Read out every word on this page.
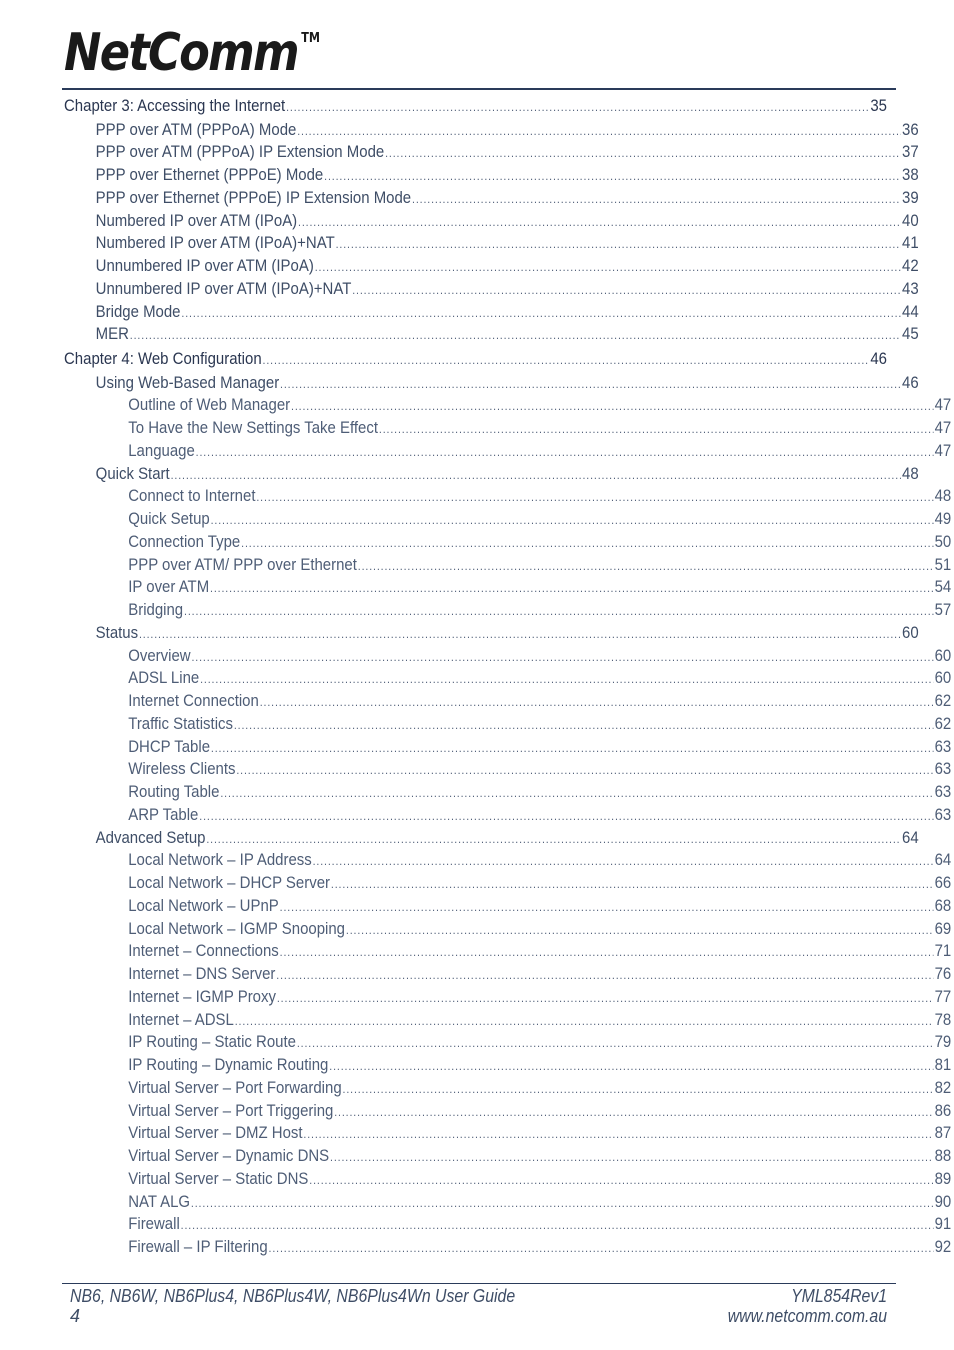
NetComm ™
Chapter 3: Accessing the Internet .....	35
PPP over ATM (PPPoA) Mode .....	36
PPP over ATM (PPPoA) IP Extension Mode .....	37
PPP over Ethernet (PPPoE) Mode .....	38
PPP over Ethernet (PPPoE) IP Extension Mode .....	39
Numbered IP over ATM (IPoA) .....	40
Numbered IP over ATM (IPoA)+NAT .....	41
Unnumbered IP over ATM (IPoA) .....	42
Unnumbered IP over ATM (IPoA)+NAT .....	43
Bridge Mode .....	44
MER .....	45
Chapter 4: Web Configuration .....	46
Using Web-Based Manager .....	46
Outline of Web Manager .....	47
To Have the New Settings Take Effect .....	47
Language .....	47
Quick Start .....	48
Connect to Internet .....	48
Quick Setup .....	49
Connection Type .....	50
PPP over ATM/ PPP over Ethernet .....	51
IP over ATM .....	54
Bridging .....	57
Status .....	60
Overview .....	60
ADSL Line .....	60
Internet Connection .....	62
Traffic Statistics .....	62
DHCP Table .....	63
Wireless Clients .....	63
Routing Table .....	63
ARP Table .....	63
Advanced Setup .....	64
Local Network – IP Address .....	64
Local Network – DHCP Server .....	66
Local Network – UPnP .....	68
Local Network – IGMP Snooping .....	69
Internet – Connections .....	71
Internet – DNS Server .....	76
Internet – IGMP Proxy .....	77
Internet – ADSL .....	78
IP Routing – Static Route .....	79
IP Routing – Dynamic Routing .....	81
Virtual Server – Port Forwarding .....	82
Virtual Server – Port Triggering .....	86
Virtual Server – DMZ Host .....	87
Virtual Server – Dynamic DNS .....	88
Virtual Server – Static DNS .....	89
NAT ALG .....	90
Firewall .....	91
Firewall – IP Filtering .....	92
NB6, NB6W, NB6Plus4, NB6Plus4W, NB6Plus4Wn User Guide
4
YML854Rev1
www.netcomm.com.au
